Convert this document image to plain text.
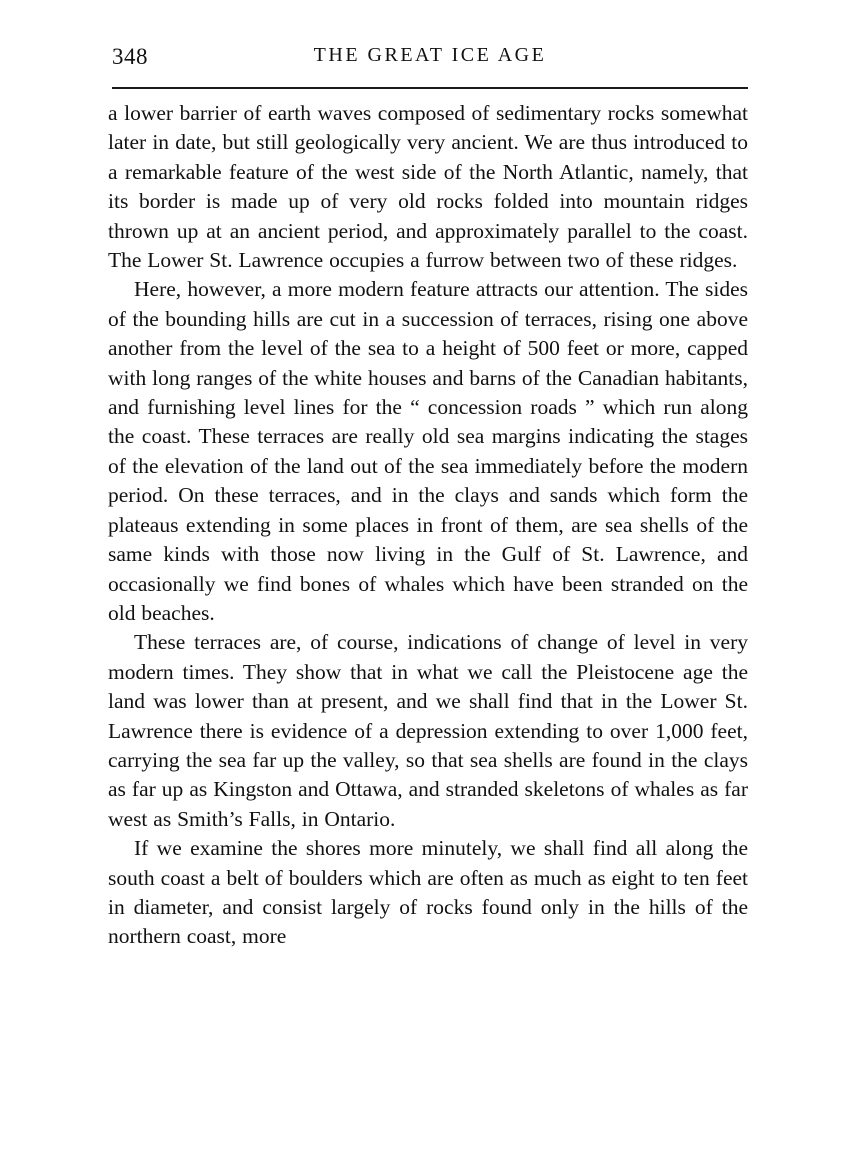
348	THE GREAT ICE AGE

a lower barrier of earth waves composed of sedimentary rocks somewhat later in date, but still geologically very ancient. We are thus introduced to a remarkable feature of the west side of the North Atlantic, namely, that its border is made up of very old rocks folded into mountain ridges thrown up at an ancient period, and approximately parallel to the coast. The Lower St. Lawrence occupies a furrow between two of these ridges.

Here, however, a more modern feature attracts our attention. The sides of the bounding hills are cut in a succession of terraces, rising one above another from the level of the sea to a height of 500 feet or more, capped with long ranges of the white houses and barns of the Canadian habitants, and furnishing level lines for the “ concession roads ” which run along the coast. These terraces are really old sea margins indicating the stages of the elevation of the land out of the sea immediately before the modern period. On these terraces, and in the clays and sands which form the plateaus extending in some places in front of them, are sea shells of the same kinds with those now living in the Gulf of St. Lawrence, and occasionally we find bones of whales which have been stranded on the old beaches.

These terraces are, of course, indications of change of level in very modern times. They show that in what we call the Pleistocene age the land was lower than at present, and we shall find that in the Lower St. Lawrence there is evidence of a depression extending to over 1,000 feet, carrying the sea far up the valley, so that sea shells are found in the clays as far up as Kingston and Ottawa, and stranded skeletons of whales as far west as Smith’s Falls, in Ontario.

If we examine the shores more minutely, we shall find all along the south coast a belt of boulders which are often as much as eight to ten feet in diameter, and consist largely of rocks found only in the hills of the northern coast, more
